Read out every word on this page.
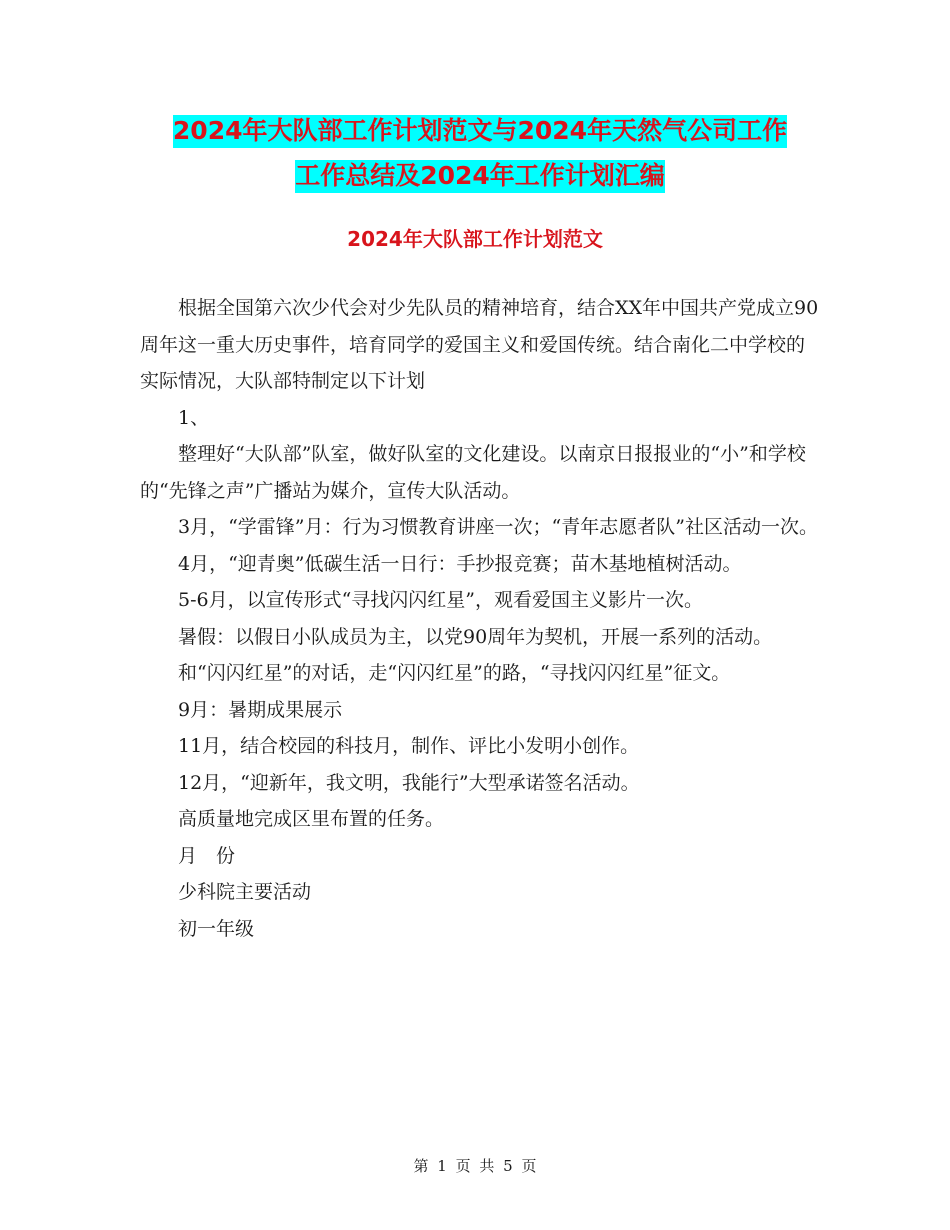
2024年大队部工作计划范文与2024年天然气公司工作
工作总结及2024年工作计划汇编
2024年大队部工作计划范文

根据全国第六次少代会对少先队员的精神培育，结合XX年中国共产党成立90周年这一重大历史事件，培育同学的爱国主义和爱国传统。结合南化二中学校的实际情况，大队部特制定以下计划

1、

整理好“大队部”队室，做好队室的文化建设。以南京日报报业的“小”和学校的“先锋之声”广播站为媒介，宣传大队活动。

3月，“学雷锋”月：行为习惯教育讲座一次；“青年志愿者队”社区活动一次。

4月，“迎青奥”低碳生活一日行：手抄报竞赛；苗木基地植树活动。

5-6月，以宣传形式“寻找闪闪红星”，观看爱国主义影片一次。

暑假：以假日小队成员为主，以党90周年为契机，开展一系列的活动。

和“闪闪红星”的对话，走“闪闪红星”的路，“寻找闪闪红星”征文。

9月：暑期成果展示

11月，结合校园的科技月，制作、评比小发明小创作。

12月，“迎新年，我文明，我能行”大型承诺签名活动。

高质量地完成区里布置的任务。

月　份

少科院主要活动

初一年级

第 1 页 共 5 页
